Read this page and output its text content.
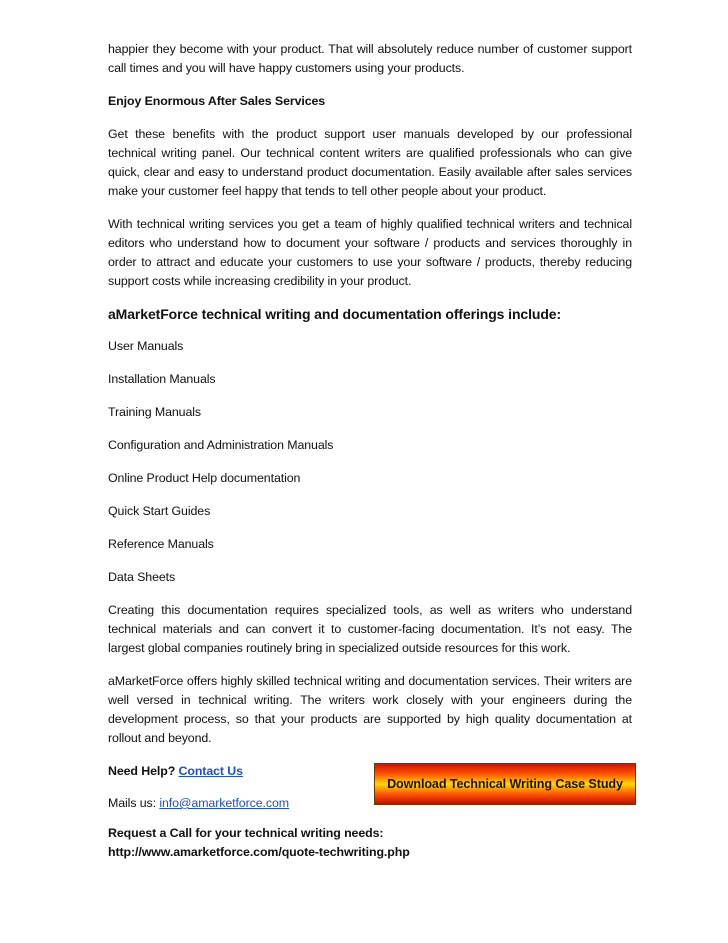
happier they become with your product. That will absolutely reduce number of customer support call times and you will have happy customers using your products.

Enjoy Enormous After Sales Services

Get these benefits with the product support user manuals developed by our professional technical writing panel. Our technical content writers are qualified professionals who can give quick, clear and easy to understand product documentation. Easily available after sales services make your customer feel happy that tends to tell other people about your product.

With technical writing services you get a team of highly qualified technical writers and technical editors who understand how to document your software / products and services thoroughly in order to attract and educate your customers to use your software / products, thereby reducing support costs while increasing credibility in your product.

aMarketForce technical writing and documentation offerings include:
User Manuals
Installation Manuals
Training Manuals
Configuration and Administration Manuals
Online Product Help documentation
Quick Start Guides
Reference Manuals
Data Sheets

Creating this documentation requires specialized tools, as well as writers who understand technical materials and can convert it to customer-facing documentation. It’s not easy. The largest global companies routinely bring in specialized outside resources for this work.

aMarketForce offers highly skilled technical writing and documentation services. Their writers are well versed in technical writing. The writers work closely with your engineers during the development process, so that your products are supported by high quality documentation at rollout and beyond.

Need Help? Contact Us
Mails us: info@amarketforce.com
Download Technical Writing Case Study

Request a Call for your technical writing needs:

http://www.amarketforce.com/quote-techwriting.php
